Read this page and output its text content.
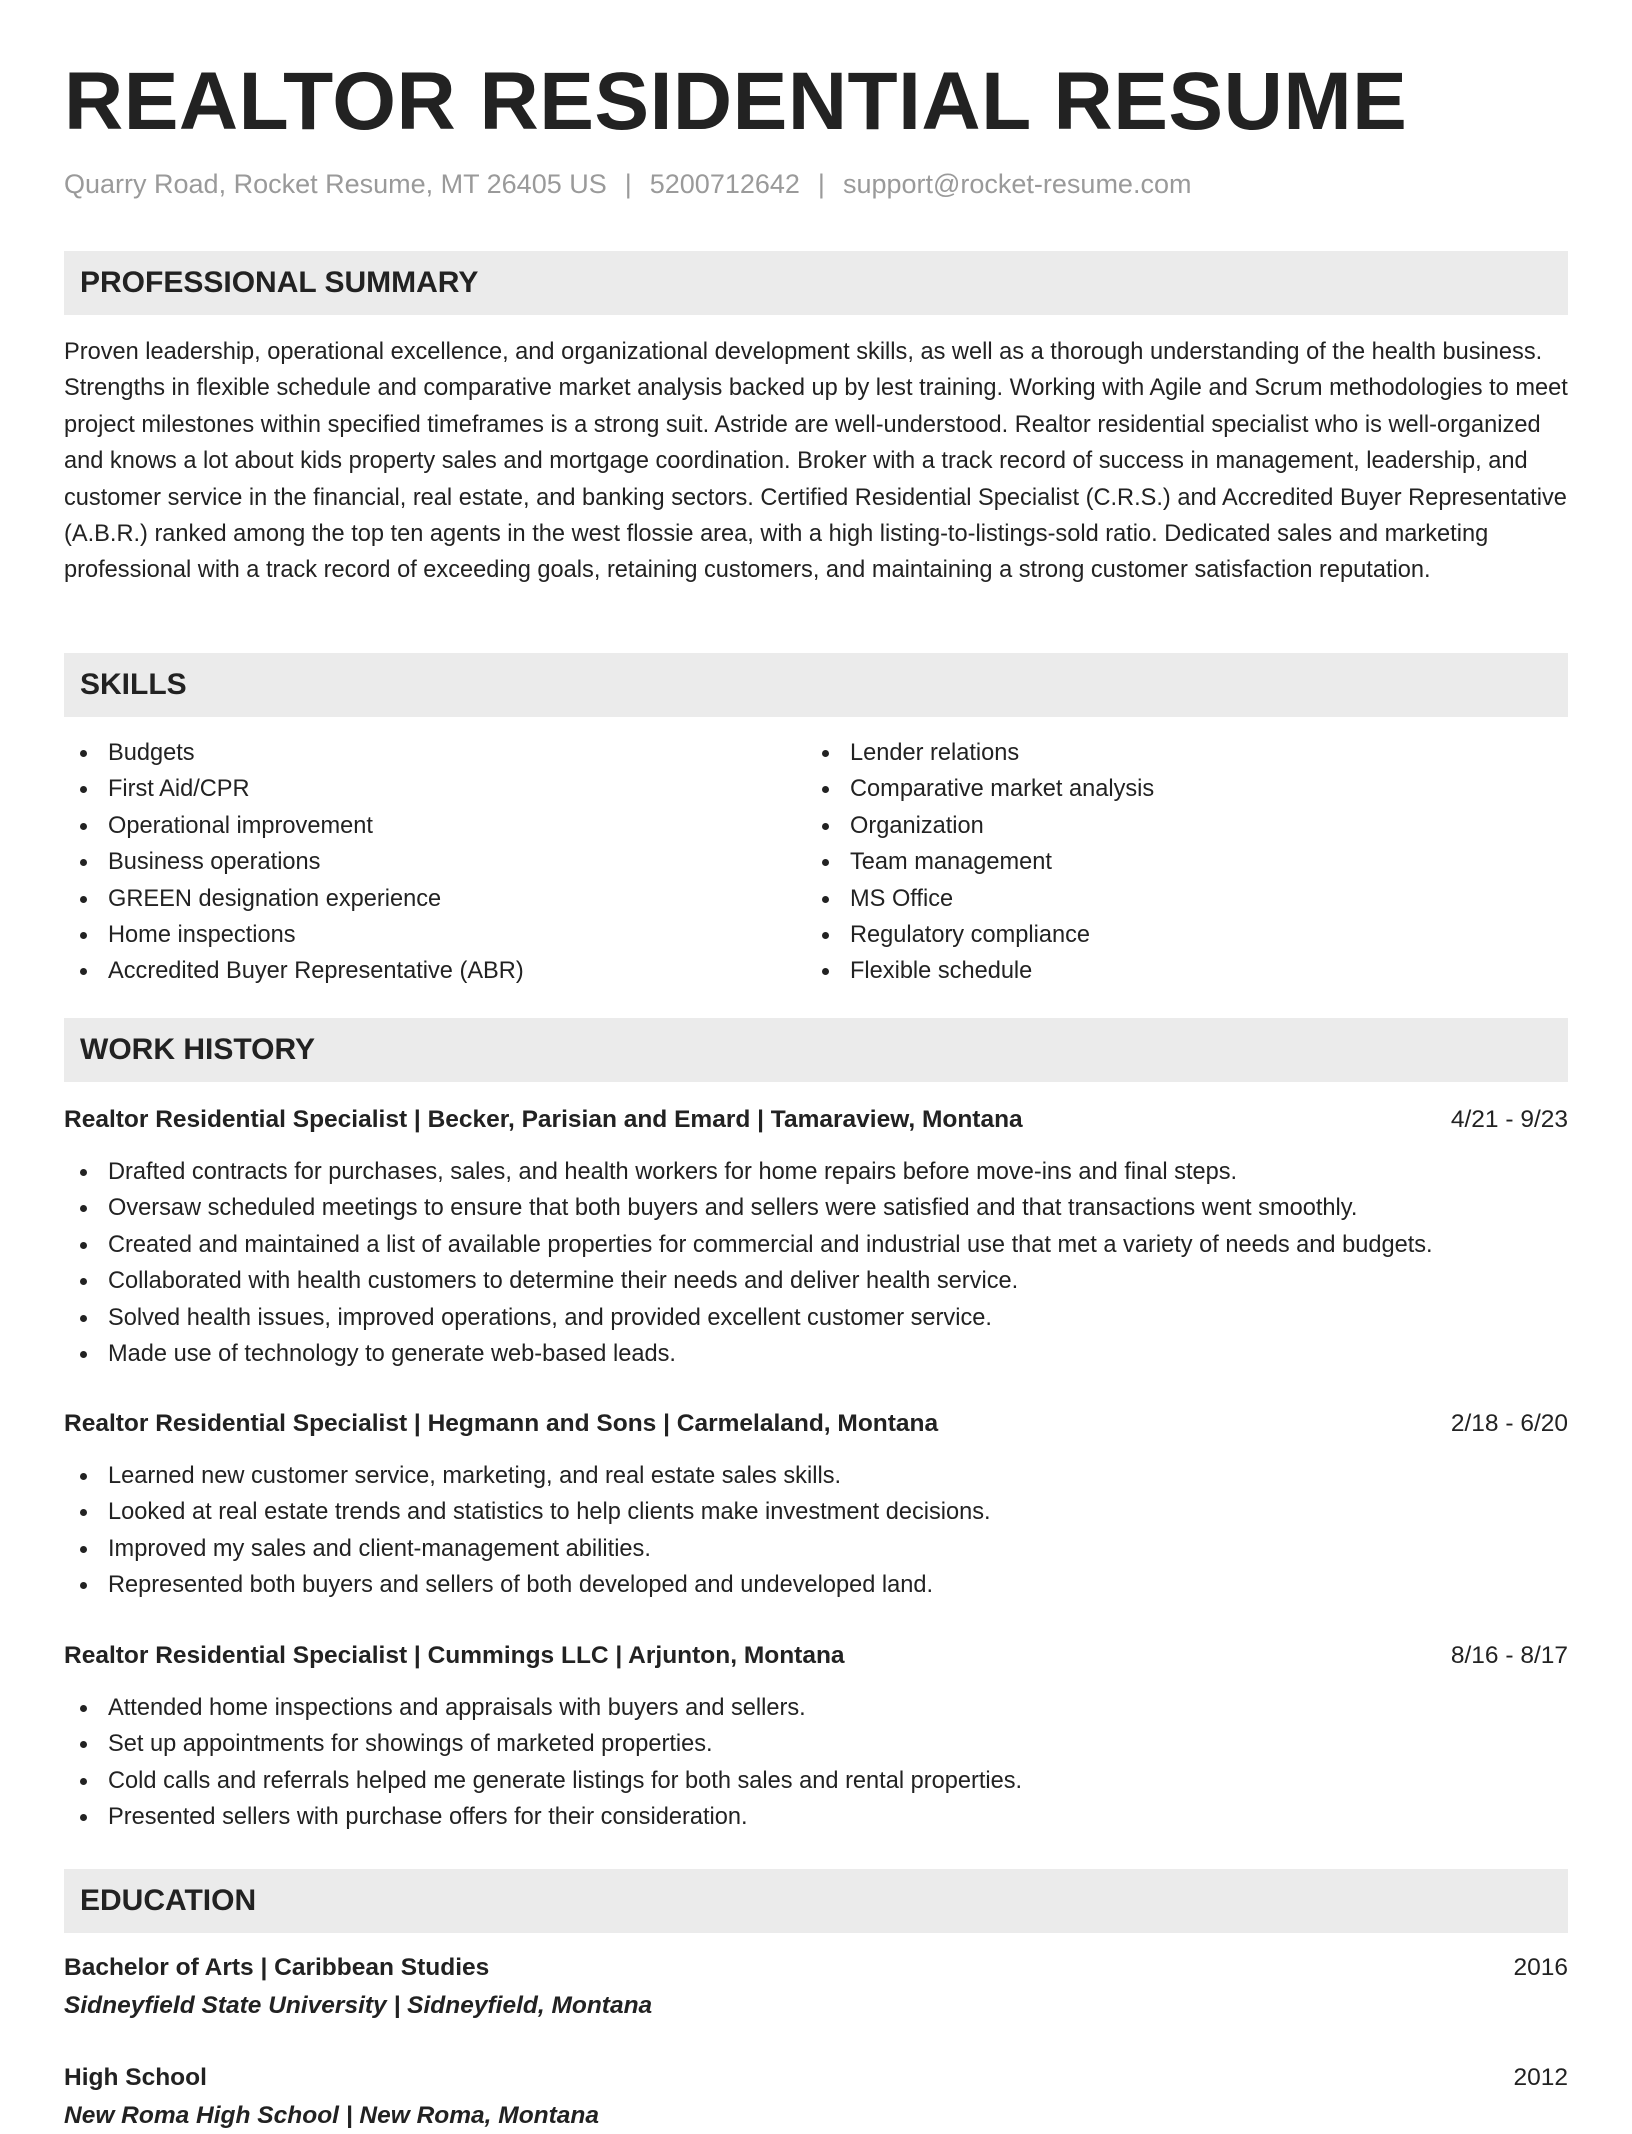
REALTOR RESIDENTIAL RESUME
Quarry Road, Rocket Resume, MT 26405 US | 5200712642 | support@rocket-resume.com
PROFESSIONAL SUMMARY

Proven leadership, operational excellence, and organizational development skills, as well as a thorough understanding of the health business. Strengths in flexible schedule and comparative market analysis backed up by lest training. Working with Agile and Scrum methodologies to meet project milestones within specified timeframes is a strong suit. Astride are well-understood. Realtor residential specialist who is well-organized and knows a lot about kids property sales and mortgage coordination. Broker with a track record of success in management, leadership, and customer service in the financial, real estate, and banking sectors. Certified Residential Specialist (C.R.S.) and Accredited Buyer Representative (A.B.R.) ranked among the top ten agents in the west flossie area, with a high listing-to-listings-sold ratio. Dedicated sales and marketing professional with a track record of exceeding goals, retaining customers, and maintaining a strong customer satisfaction reputation.

SKILLS
Budgets
First Aid/CPR
Operational improvement
Business operations
GREEN designation experience
Home inspections
Accredited Buyer Representative (ABR)
Lender relations
Comparative market analysis
Organization
Team management
MS Office
Regulatory compliance
Flexible schedule
WORK HISTORY
Realtor Residential Specialist | Becker, Parisian and Emard | Tamaraview, Montana	4/21 - 9/23
Drafted contracts for purchases, sales, and health workers for home repairs before move-ins and final steps.
Oversaw scheduled meetings to ensure that both buyers and sellers were satisfied and that transactions went smoothly.
Created and maintained a list of available properties for commercial and industrial use that met a variety of needs and budgets.
Collaborated with health customers to determine their needs and deliver health service.
Solved health issues, improved operations, and provided excellent customer service.
Made use of technology to generate web-based leads.
Realtor Residential Specialist | Hegmann and Sons | Carmelaland, Montana	2/18 - 6/20
Learned new customer service, marketing, and real estate sales skills.
Looked at real estate trends and statistics to help clients make investment decisions.
Improved my sales and client-management abilities.
Represented both buyers and sellers of both developed and undeveloped land.
Realtor Residential Specialist | Cummings LLC | Arjunton, Montana	8/16 - 8/17
Attended home inspections and appraisals with buyers and sellers.
Set up appointments for showings of marketed properties.
Cold calls and referrals helped me generate listings for both sales and rental properties.
Presented sellers with purchase offers for their consideration.
EDUCATION
Bachelor of Arts | Caribbean Studies	2016
Sidneyfield State University | Sidneyfield, Montana
High School	2012
New Roma High School | New Roma, Montana
